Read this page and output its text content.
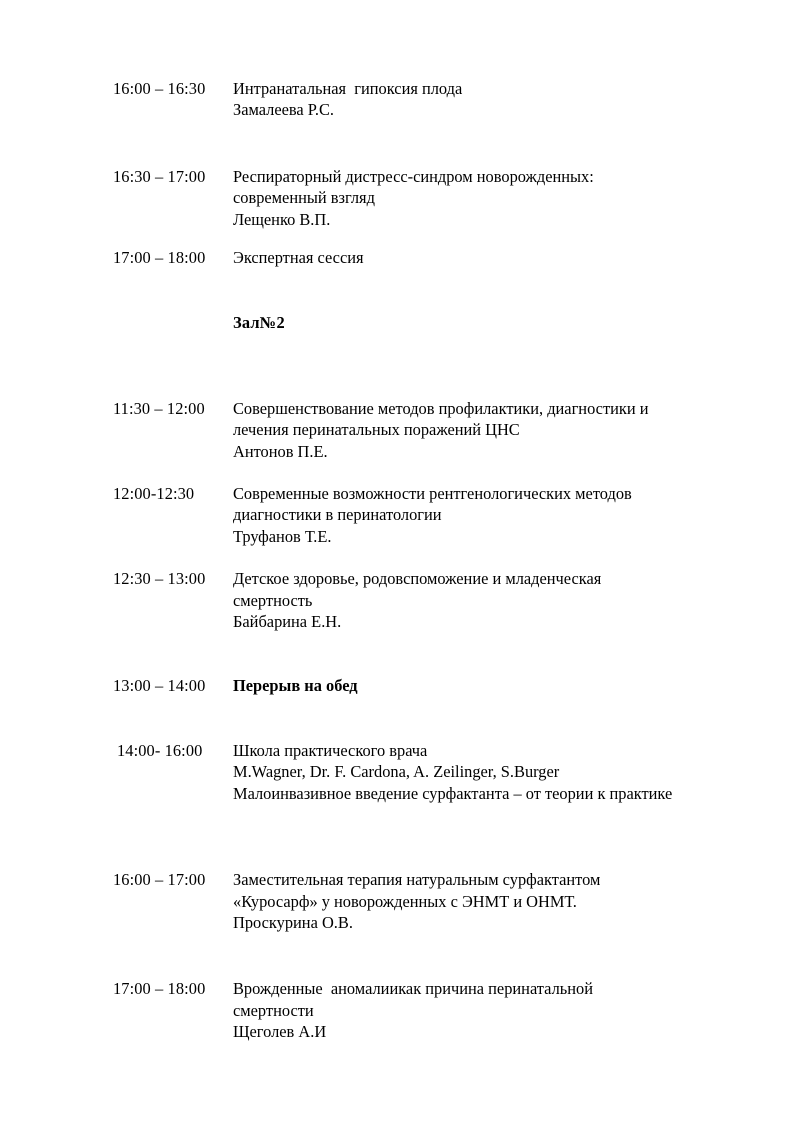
16:00 – 16:30	Интранатальная  гипоксия плода
Замалеева Р.С.
16:30 – 17:00	Респираторный дистресс-синдром новорожденных:
современный взгляд
Лещенко В.П.
17:00 – 18:00	Экспертная сессия
Зал№2
11:30 – 12:00	Совершенствование методов профилактики, диагностики и
лечения перинатальных поражений ЦНС
Антонов П.Е.
12:00-12:30	Современные возможности рентгенологических методов
диагностики в перинатологии
Труфанов Т.Е.
12:30 – 13:00	Детское здоровье, родовспоможение и младенческая
смертность
Байбарина Е.Н.
13:00 – 14:00	Перерыв на обед
14:00- 16:00	Школа практического врача
M.Wagner, Dr. F. Cardona, A. Zeilinger, S.Burger
Малоинвазивное введение сурфактанта – от теории к практике
16:00 – 17:00	Заместительная терапия натуральным сурфактантом
«Куросарф» у новорожденных с ЭНМТ и ОНМТ.
Проскурина О.В.
17:00 – 18:00	Врожденные  аномалиикак причина перинатальной
смертности
Щеголев А.И
